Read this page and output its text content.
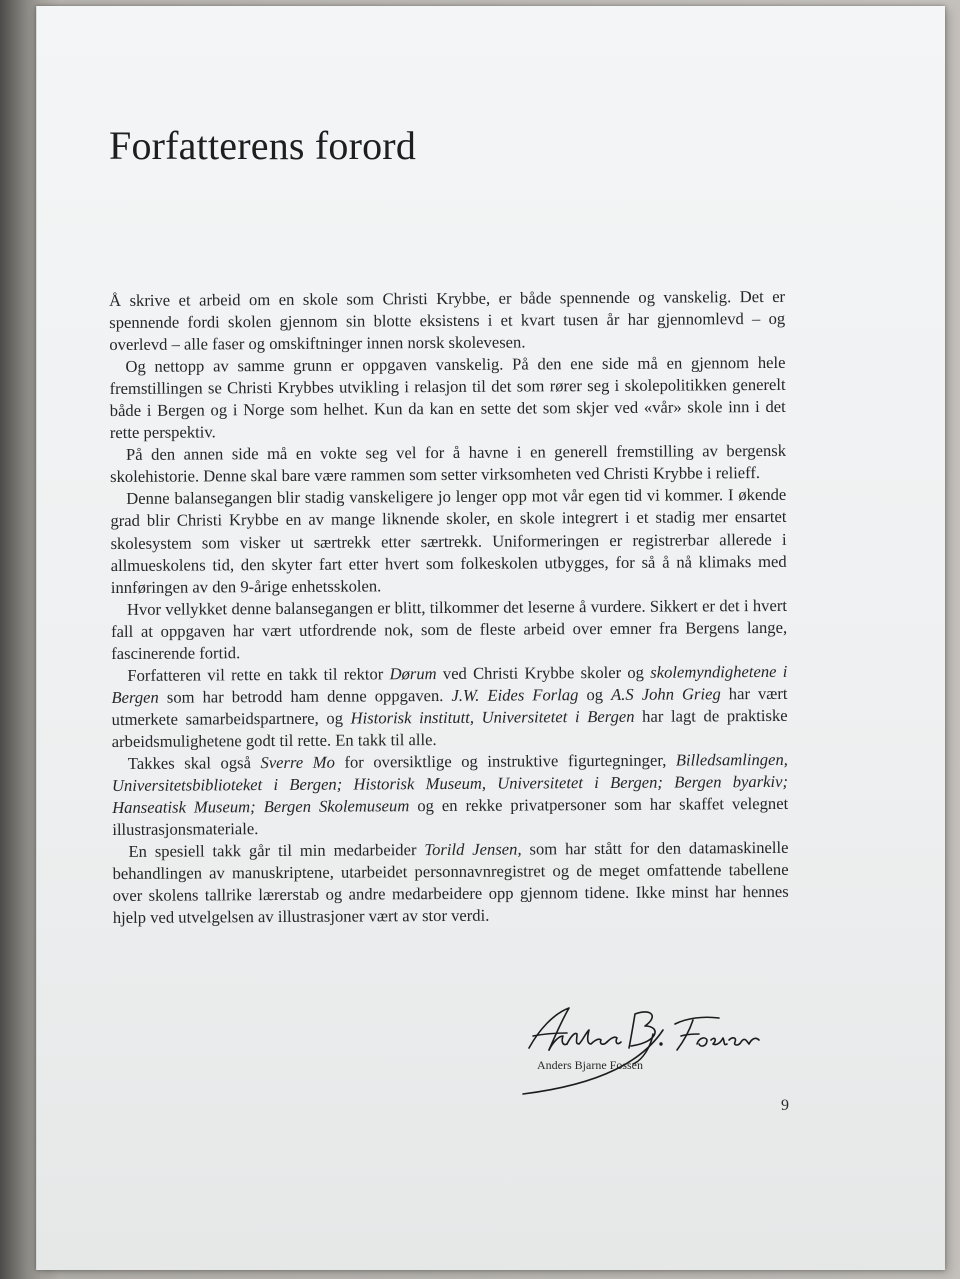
Forfatterens forord

Å skrive et arbeid om en skole som Christi Krybbe, er både spennende og vanskelig. Det er spennende fordi skolen gjennom sin blotte eksistens i et kvart tusen år har gjennomlevd – og overlevd – alle faser og omskiftninger innen norsk skolevesen.

Og nettopp av samme grunn er oppgaven vanskelig. På den ene side må en gjennom hele fremstillingen se Christi Krybbes utvikling i relasjon til det som rører seg i skolepolitikken generelt både i Bergen og i Norge som helhet. Kun da kan en sette det som skjer ved «vår» skole inn i det rette perspektiv.

På den annen side må en vokte seg vel for å havne i en generell fremstilling av bergensk skolehistorie. Denne skal bare være rammen som setter virksomheten ved Christi Krybbe i relieff.

Denne balansegangen blir stadig vanskeligere jo lenger opp mot vår egen tid vi kommer. I økende grad blir Christi Krybbe en av mange liknende skoler, en skole integrert i et stadig mer ensartet skolesystem som visker ut særtrekk etter særtrekk. Uniformeringen er registrerbar allerede i allmueskolens tid, den skyter fart etter hvert som folkeskolen utbygges, for så å nå klimaks med innføringen av den 9-årige enhetsskolen.

Hvor vellykket denne balansegangen er blitt, tilkommer det leserne å vurdere. Sikkert er det i hvert fall at oppgaven har vært utfordrende nok, som de fleste arbeid over emner fra Bergens lange, fascinerende fortid.

Forfatteren vil rette en takk til rektor Dørum ved Christi Krybbe skoler og skolemyndighetene i Bergen som har betrodd ham denne oppgaven. J.W. Eides Forlag og A.S John Grieg har vært utmerkete samarbeidspartnere, og Historisk institutt, Universitetet i Bergen har lagt de praktiske arbeidsmulighetene godt til rette. En takk til alle.

Takkes skal også Sverre Mo for oversiktlige og instruktive figurtegninger, Billedsamlingen, Universitetsbiblioteket i Bergen; Historisk Museum, Universitetet i Bergen; Bergen byarkiv; Hanseatisk Museum; Bergen Skolemuseum og en rekke privatpersoner som har skaffet velegnet illustrasjonsmateriale.

En spesiell takk går til min medarbeider Torild Jensen, som har stått for den datamaskinelle behandlingen av manuskriptene, utarbeidet personnavnregistret og de meget omfattende tabellene over skolens tallrike lærerstab og andre medarbeidere opp gjennom tidene. Ikke minst har hennes hjelp ved utvelgelsen av illustrasjoner vært av stor verdi.

Anders Bjarne Fossen
9
